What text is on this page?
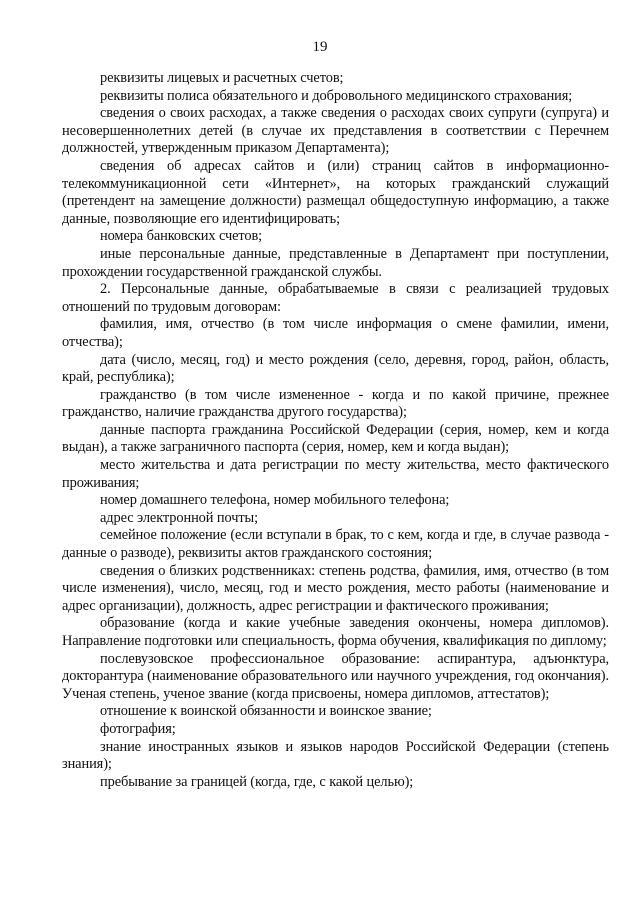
19

реквизиты лицевых и расчетных счетов;

реквизиты полиса обязательного и добровольного медицинского страхования;

сведения о своих расходах, а также сведения о расходах своих супруги (супруга) и несовершеннолетних детей (в случае их представления в соответствии с Перечнем должностей, утвержденным приказом Департамента);

сведения об адресах сайтов и (или) страниц сайтов в информационно-телекоммуникационной сети «Интернет», на которых гражданский служащий (претендент на замещение должности) размещал общедоступную информацию, а также данные, позволяющие его идентифицировать;

номера банковских счетов;

иные персональные данные, представленные в Департамент при поступлении, прохождении государственной гражданской службы.

2. Персональные данные, обрабатываемые в связи с реализацией трудовых отношений по трудовым договорам:

фамилия, имя, отчество (в том числе информация о смене фамилии, имени, отчества);

дата (число, месяц, год) и место рождения (село, деревня, город, район, область, край, республика);

гражданство (в том числе измененное - когда и по какой причине, прежнее гражданство, наличие гражданства другого государства);

данные паспорта гражданина Российской Федерации (серия, номер, кем и когда выдан), а также заграничного паспорта (серия, номер, кем и когда выдан);

место жительства и дата регистрации по месту жительства, место фактического проживания;

номер домашнего телефона, номер мобильного телефона;

адрес электронной почты;

семейное положение (если вступали в брак, то с кем, когда и где, в случае развода - данные о разводе), реквизиты актов гражданского состояния;

сведения о близких родственниках: степень родства, фамилия, имя, отчество (в том числе изменения), число, месяц, год и место рождения, место работы (наименование и адрес организации), должность, адрес регистрации и фактического проживания;

образование (когда и какие учебные заведения окончены, номера дипломов). Направление подготовки или специальность, форма обучения, квалификация по диплому;

послевузовское профессиональное образование: аспирантура, адъюнктура, докторантура (наименование образовательного или научного учреждения, год окончания). Ученая степень, ученое звание (когда присвоены, номера дипломов, аттестатов);

отношение к воинской обязанности и воинское звание;

фотография;

знание иностранных языков и языков народов Российской Федерации (степень знания);

пребывание за границей (когда, где, с какой целью);
